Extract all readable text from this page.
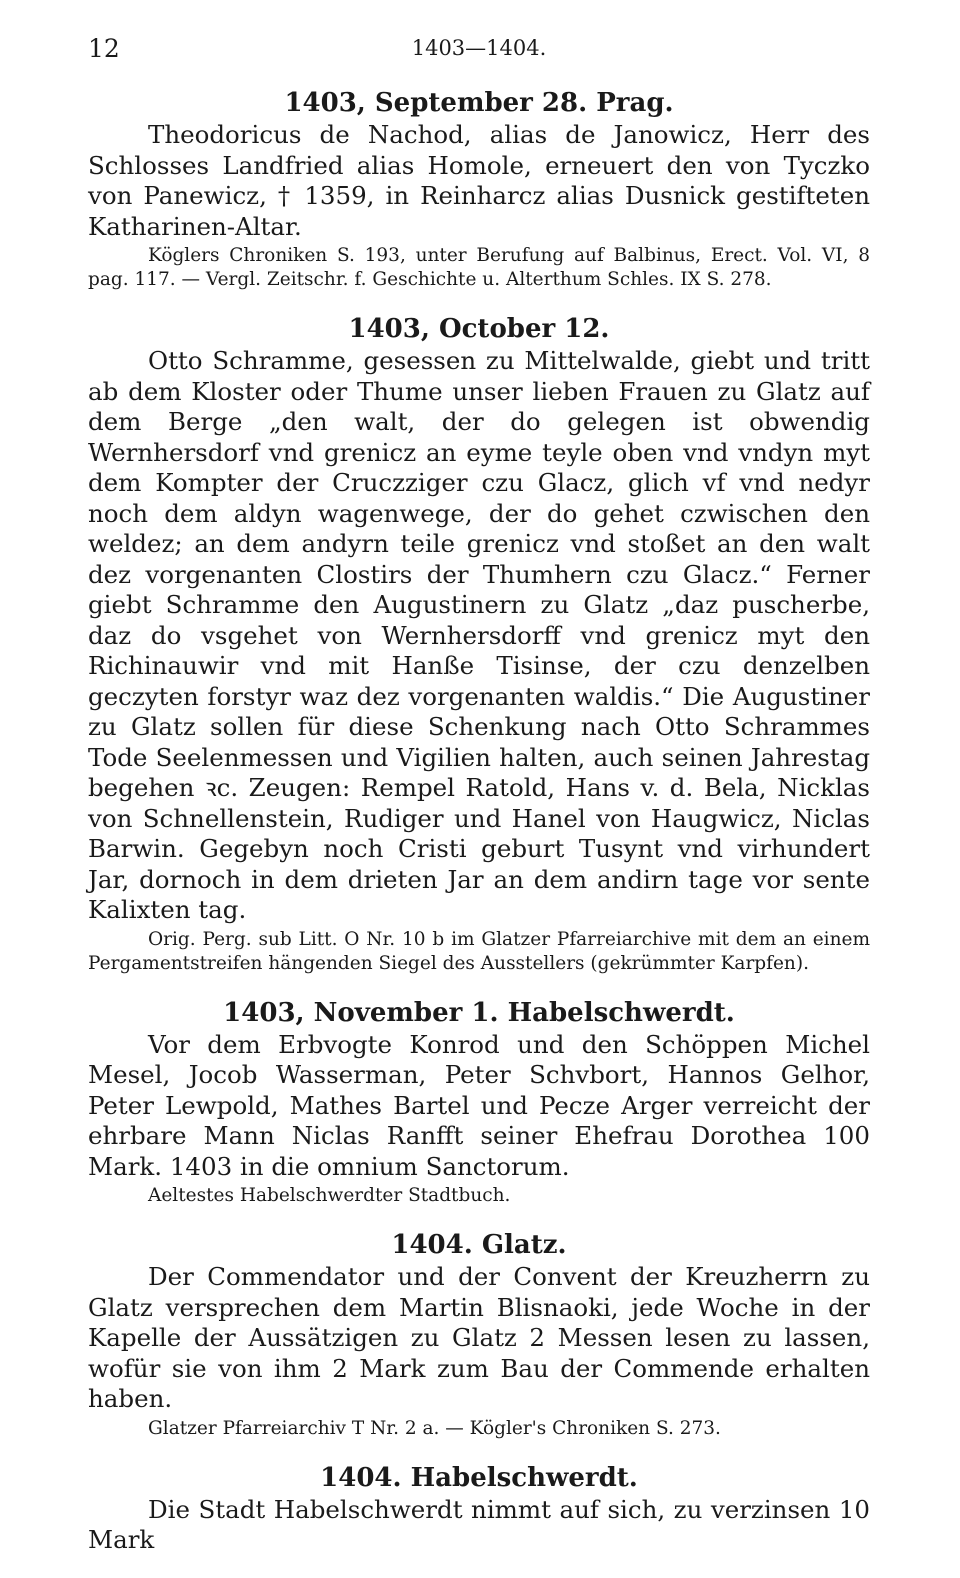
12	1403—1404.
1403, September 28. Prag.

Theodoricus de Nachod, alias de Janowicz, Herr des Schlosses Landfried alias Homole, erneuert den von Tyczko von Panewicz, † 1359, in Reinharcz alias Dusnick gestifteten Katharinen-Altar.

Köglers Chroniken S. 193, unter Berufung auf Balbinus, Erect. Vol. VI, 8 pag. 117. — Vergl. Zeitschr. f. Geschichte u. Alterthum Schles. IX S. 278.

1403, October 12.

Otto Schramme, gesessen zu Mittelwalde, giebt und tritt ab dem Kloster oder Thume unser lieben Frauen zu Glatz auf dem Berge „den walt, der do gelegen ist obwendig Wernhersdorf vnd grenicz an eyme teyle oben vnd vndyn myt dem Kompter der Cruczziger czu Glacz, glich vf vnd nedyr noch dem aldyn wagenwege, der do gehet czwischen den weldez; an dem andyrn teile grenicz vnd stoßet an den walt dez vorgenanten Clostirs der Thumhern czu Glacz.“ Ferner giebt Schramme den Augustinern zu Glatz „daz puscherbe, daz do vsgehet von Wernhersdorff vnd grenicz myt den Richinauwir vnd mit Hanße Tisinse, der czu denzelben geczyten forstyr waz dez vorgenanten waldis.“ Die Augustiner zu Glatz sollen für diese Schenkung nach Otto Schrammes Tode Seelenmessen und Vigilien halten, auch seinen Jahrestag begehen ꝛc. Zeugen: Rempel Ratold, Hans v. d. Bela, Nicklas von Schnellenstein, Rudiger und Hanel von Haugwicz, Niclas Barwin. Gegebyn noch Cristi geburt Tusynt vnd virhundert Jar, dornoch in dem drieten Jar an dem andirn tage vor sente Kalixten tag.

Orig. Perg. sub Litt. O Nr. 10 b im Glatzer Pfarreiarchive mit dem an einem Pergamentstreifen hängenden Siegel des Ausstellers (gekrümmter Karpfen).

1403, November 1. Habelschwerdt.

Vor dem Erbvogte Konrod und den Schöppen Michel Mesel, Jocob Wasserman, Peter Schvbort, Hannos Gelhor, Peter Lewpold, Mathes Bartel und Pecze Arger verreicht der ehrbare Mann Niclas Ranfft seiner Ehefrau Dorothea 100 Mark. 1403 in die omnium Sanctorum.

Aeltestes Habelschwerdter Stadtbuch.

1404. Glatz.

Der Commendator und der Convent der Kreuzherrn zu Glatz versprechen dem Martin Blisnaoki, jede Woche in der Kapelle der Aussätzigen zu Glatz 2 Messen lesen zu lassen, wofür sie von ihm 2 Mark zum Bau der Commende erhalten haben.

Glatzer Pfarreiarchiv T Nr. 2 a. — Kögler's Chroniken S. 273.

1404. Habelschwerdt.

Die Stadt Habelschwerdt nimmt auf sich, zu verzinsen 10 Mark
